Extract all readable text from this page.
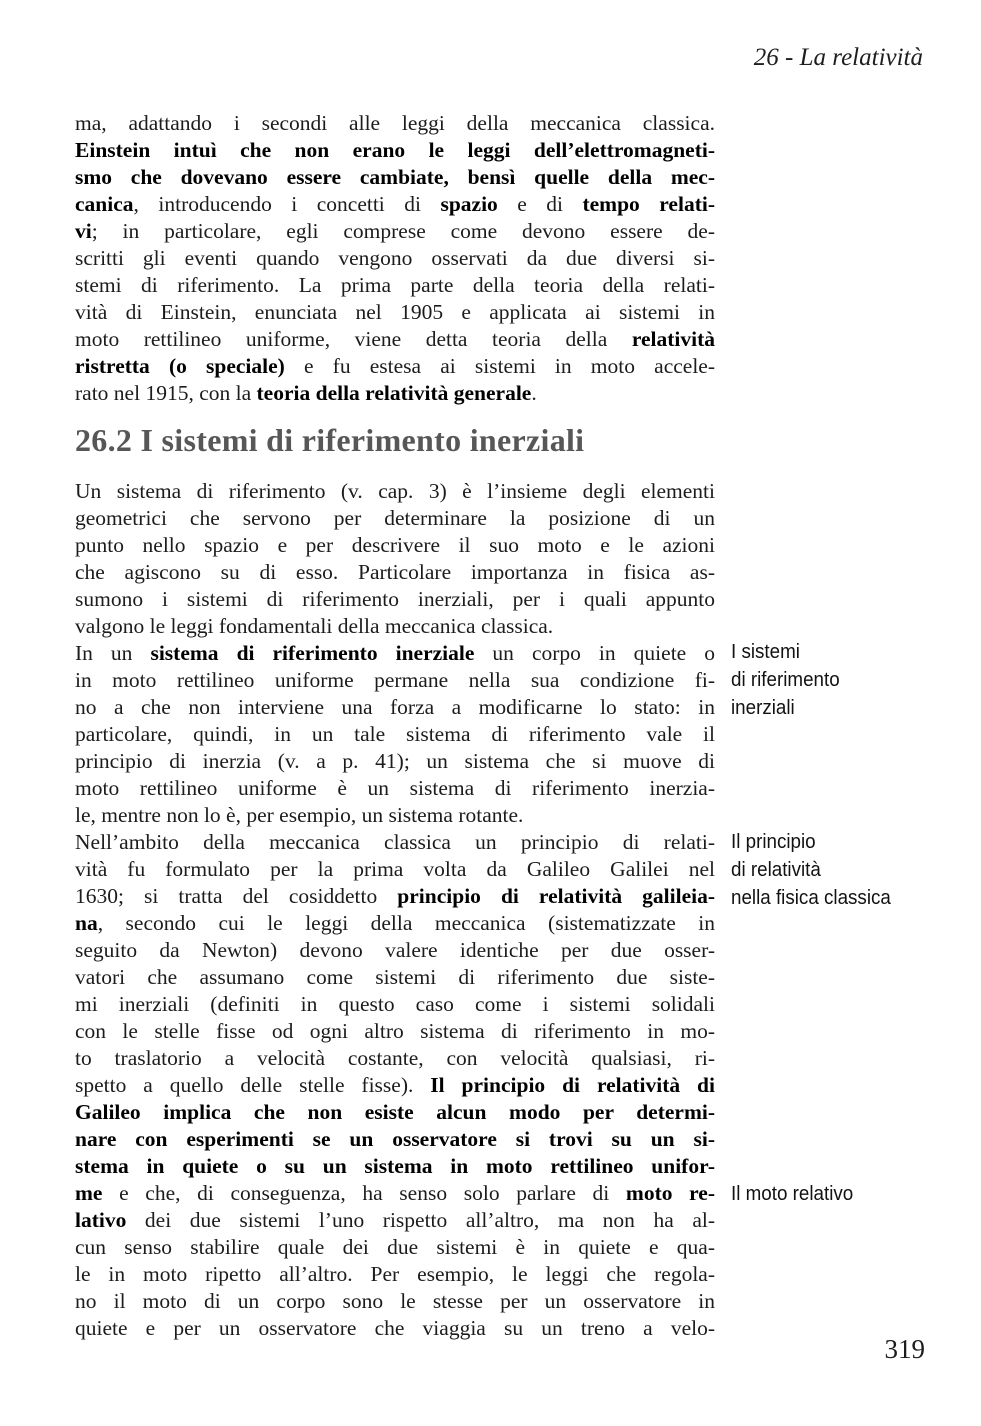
26 - La relatività
ma, adattando i secondi alle leggi della meccanica classica.
Einstein intuì che non erano le leggi dell’elettromagneti-
smo che dovevano essere cambiate, bensì quelle della mec-
canica, introducendo i concetti di spazio e di tempo relati-
vi; in particolare, egli comprese come devono essere de-
scritti gli eventi quando vengono osservati da due diversi si-
stemi di riferimento. La prima parte della teoria della relati-
vità di Einstein, enunciata nel 1905 e applicata ai sistemi in
moto rettilineo uniforme, viene detta teoria della relatività
ristretta (o speciale) e fu estesa ai sistemi in moto accele-
rato nel 1915, con la teoria della relatività generale.
26.2 I sistemi di riferimento inerziali
Un sistema di riferimento (v. cap. 3) è l’insieme degli elementi
geometrici che servono per determinare la posizione di un
punto nello spazio e per descrivere il suo moto e le azioni
che agiscono su di esso. Particolare importanza in fisica as-
sumono i sistemi di riferimento inerziali, per i quali appunto
valgono le leggi fondamentali della meccanica classica.
In un sistema di riferimento inerziale un corpo in quiete o
in moto rettilineo uniforme permane nella sua condizione fi-
no a che non interviene una forza a modificarne lo stato: in
particolare, quindi, in un tale sistema di riferimento vale il
principio di inerzia (v. a p. 41); un sistema che si muove di
moto rettilineo uniforme è un sistema di riferimento inerzia-
le, mentre non lo è, per esempio, un sistema rotante.
Nell’ambito della meccanica classica un principio di relati-
vità fu formulato per la prima volta da Galileo Galilei nel
1630; si tratta del cosiddetto principio di relatività galileia-
na, secondo cui le leggi della meccanica (sistematizzate in
seguito da Newton) devono valere identiche per due osser-
vatori che assumano come sistemi di riferimento due siste-
mi inerziali (definiti in questo caso come i sistemi solidali
con le stelle fisse od ogni altro sistema di riferimento in mo-
to traslatorio a velocità costante, con velocità qualsiasi, ri-
spetto a quello delle stelle fisse). Il principio di relatività di
Galileo implica che non esiste alcun modo per determi-
nare con esperimenti se un osservatore si trovi su un si-
stema in quiete o su un sistema in moto rettilineo unifor-
me e che, di conseguenza, ha senso solo parlare di moto re-
lativo dei due sistemi l’uno rispetto all’altro, ma non ha al-
cun senso stabilire quale dei due sistemi è in quiete e qua-
le in moto ripetto all’altro. Per esempio, le leggi che regola-
no il moto di un corpo sono le stesse per un osservatore in
quiete e per un osservatore che viaggia su un treno a velo-
I sistemi
di riferimento
inerziali
Il principio
di relatività
nella fisica classica
Il moto relativo
319
